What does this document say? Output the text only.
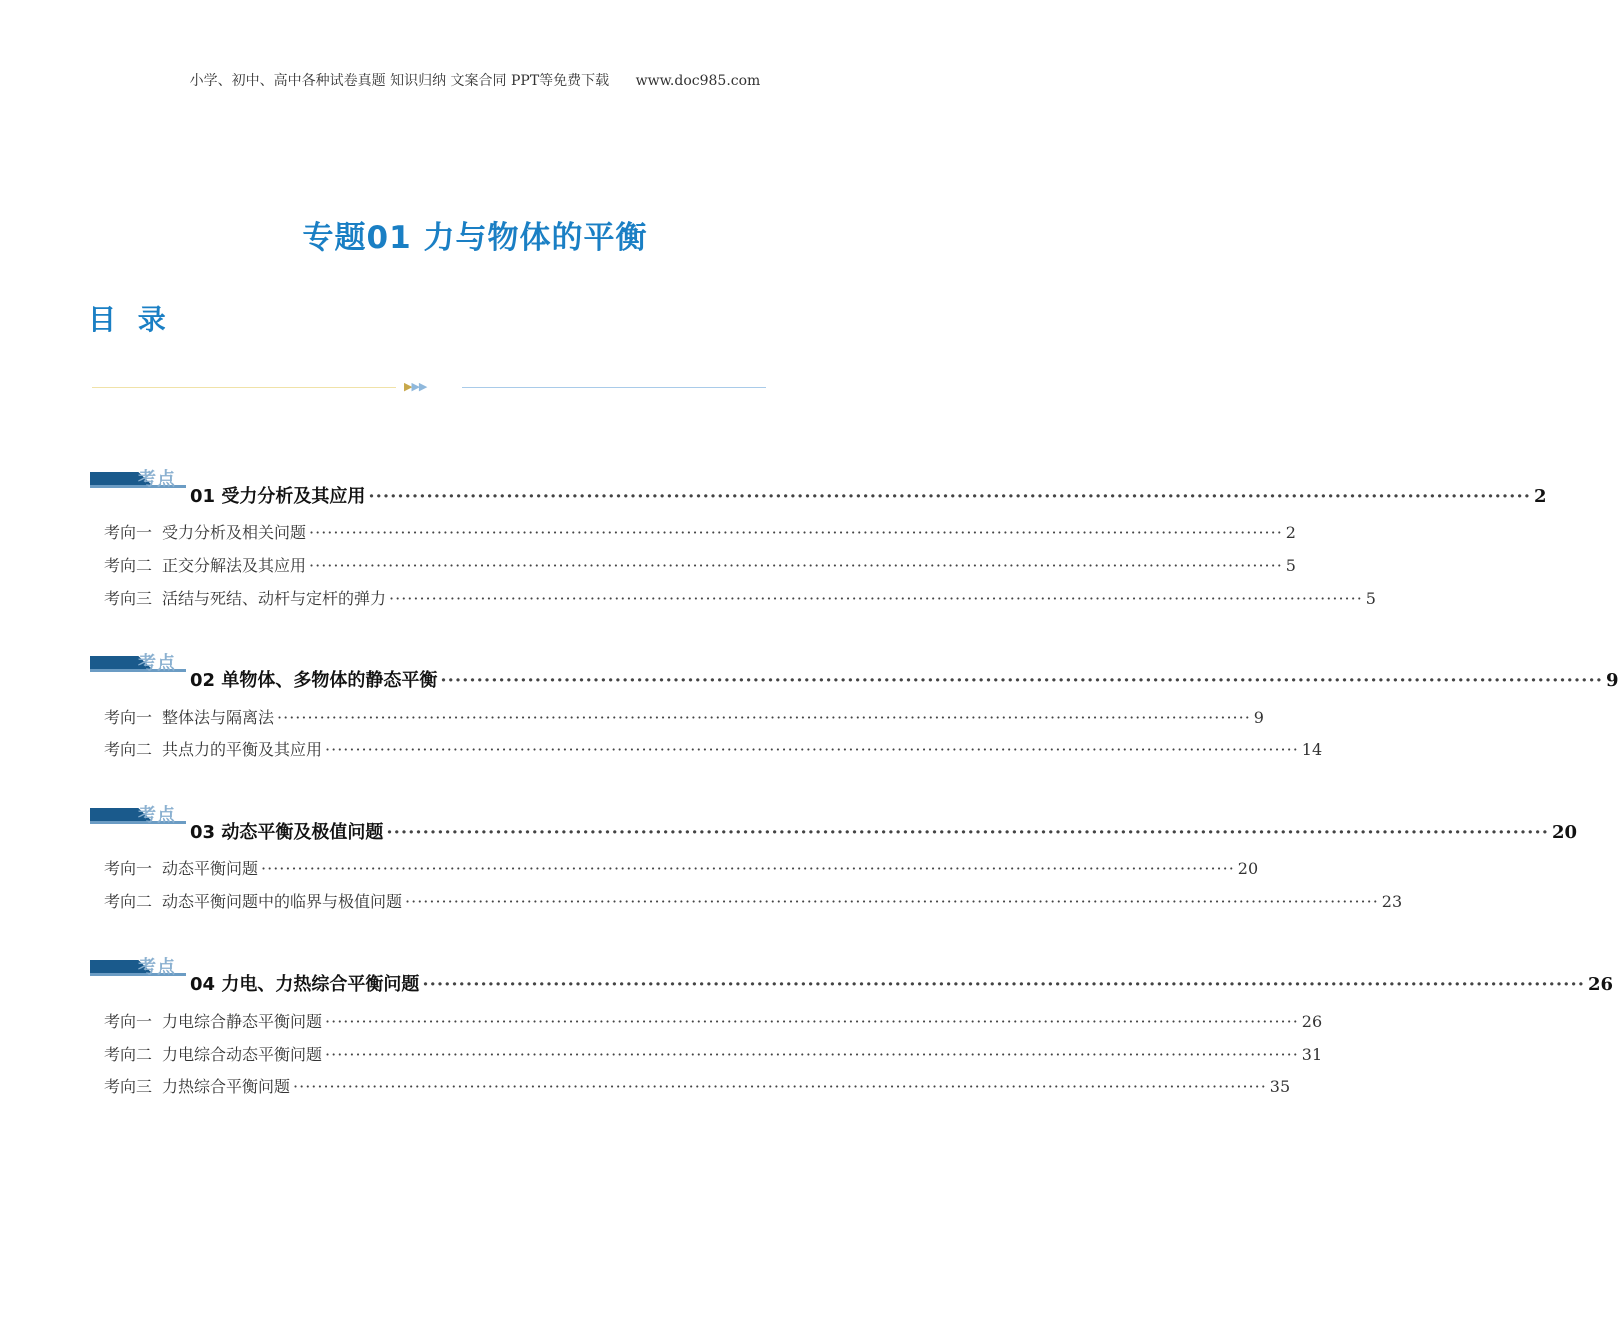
小学、初中、高中各种试卷真题 知识归纳 文案合同 PPT等免费下载 www.doc985.com
专题01 力与物体的平衡
目 录
▶▶▶
考点
01 受力分析及其应用 ·····	2
考向一 受力分析及相关问题 ·····	2
考向二 正交分解法及其应用 ·····	5
考向三 活结与死结、动杆与定杆的弹力 ·····	5
考点
02 单物体、多物体的静态平衡 ·····	9
考向一 整体法与隔离法 ·····	9
考向二 共点力的平衡及其应用 ·····	14
考点
03 动态平衡及极值问题 ·····	20
考向一 动态平衡问题 ·····	20
考向二 动态平衡问题中的临界与极值问题 ·····	23
考点
04 力电、力热综合平衡问题 ·····	26
考向一 力电综合静态平衡问题 ·····	26
考向二 力电综合动态平衡问题 ·····	31
考向三 力热综合平衡问题 ·····	35
